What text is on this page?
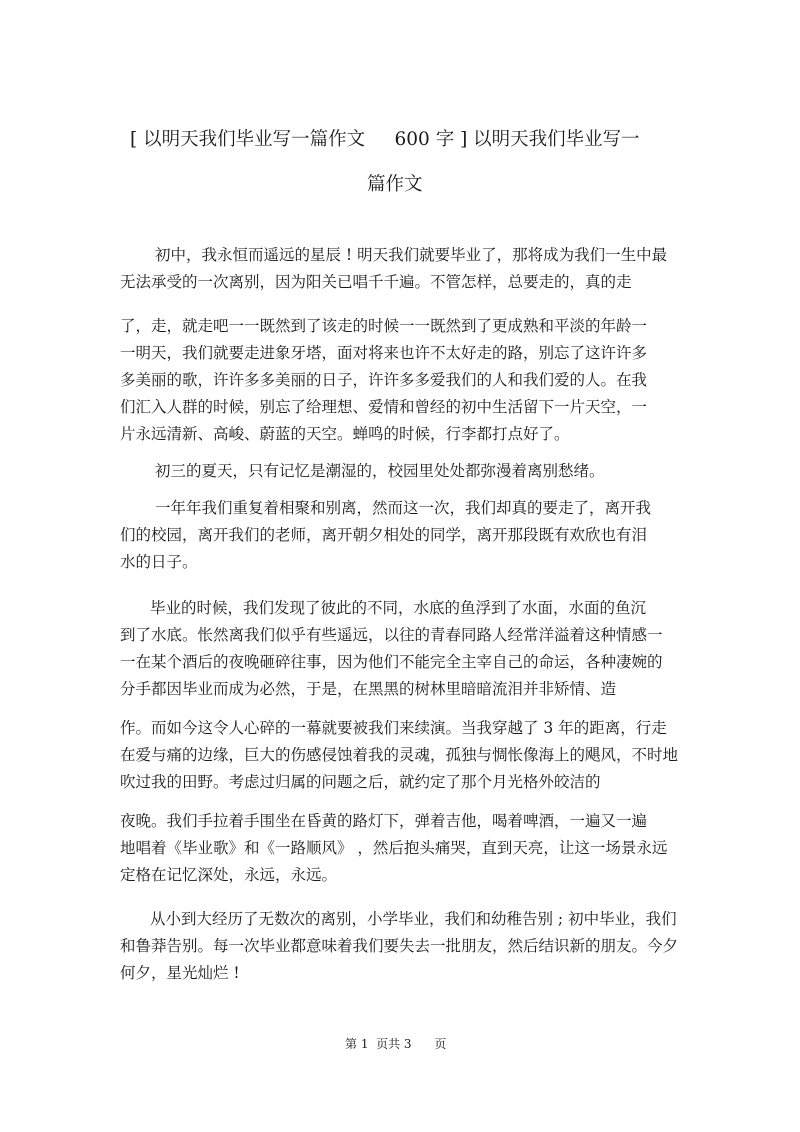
[ 以明天我们毕业写一篇作文     600 字 ] 以明天我们毕业写一
篇作文
初中，我永恒而遥远的星辰 ! 明天我们就要毕业了，那将成为我们一生中最
无法承受的一次离别，因为阳关已唱千千遍。不管怎样，总要走的，真的走
了，走，就走吧一一既然到了该走的时候一一既然到了更成熟和平淡的年龄一
一明天，我们就要走进象牙塔，面对将来也许不太好走的路，别忘了这许许多
多美丽的歌，许许多多美丽的日子，许许多多爱我们的人和我们爱的人。在我
们汇入人群的时候，别忘了给理想、爱情和曾经的初中生活留下一片天空，一
片永远清新、高峻、蔚蓝的天空。蝉鸣的时候，行李都打点好了。
初三的夏天，只有记忆是潮湿的，校园里处处都弥漫着离别愁绪。
一年年我们重复着相聚和别离，然而这一次，我们却真的要走了，离开我
们的校园，离开我们的老师，离开朝夕相处的同学，离开那段既有欢欣也有泪
水的日子。
毕业的时候，我们发现了彼此的不同，水底的鱼浮到了水面，水面的鱼沉
到了水底。怅然离我们似乎有些遥远，以往的青春同路人经常洋溢着这种情感一
一在某个酒后的夜晚砸碎往事，因为他们不能完全主宰自己的命运，各种凄婉的
分手都因毕业而成为必然，于是，在黑黑的树林里暗暗流泪并非矫情、造
作。而如今这令人心碎的一幕就要被我们来续演。当我穿越了 3 年的距离，行走
在爱与痛的边缘，巨大的伤感侵蚀着我的灵魂，孤独与惆怅像海上的飓风，不时地
吹过我的田野。考虑过归属的问题之后，就约定了那个月光格外皎洁的
夜晚。我们手拉着手围坐在昏黄的路灯下，弹着吉他，喝着啤酒，一遍又一遍
地唱着《毕业歌》和《一路顺风》 ，然后抱头痛哭，直到天亮，让这一场景永远
定格在记忆深处，永远，永远。
从小到大经历了无数次的离别，小学毕业，我们和幼稚告别 ; 初中毕业，我们
和鲁莽告别。每一次毕业都意味着我们要失去一批朋友，然后结识新的朋友。今夕
何夕，星光灿烂 !
第 1  页共 3      页
